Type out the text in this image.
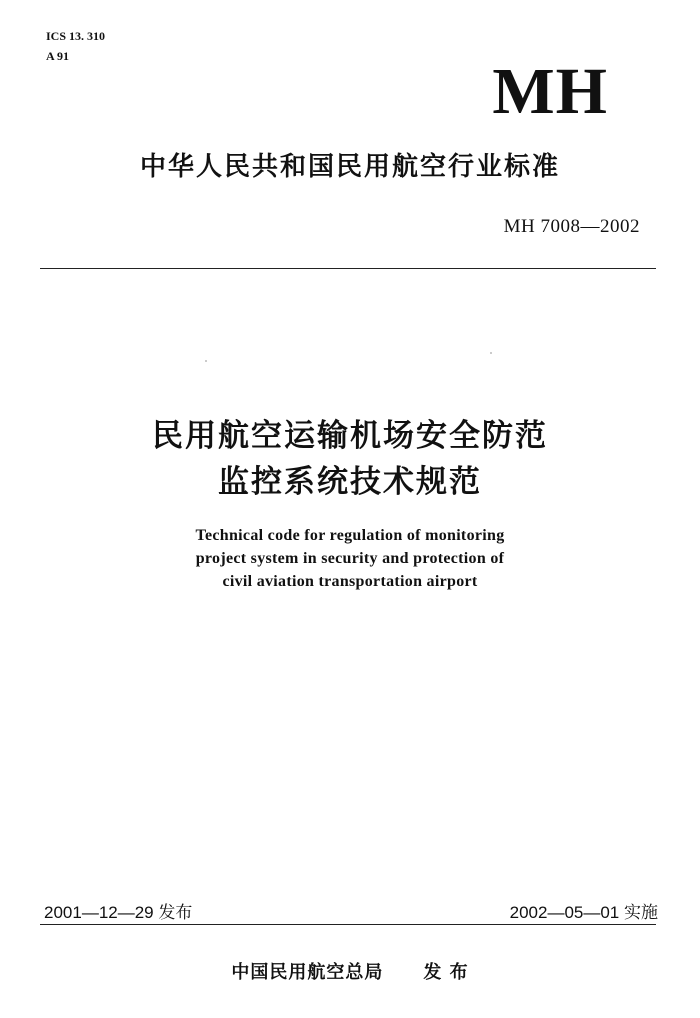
ICS 13. 310
A 91	MH
中华人民共和国民用航空行业标准
MH 7008—2002
民用航空运输机场安全防范
监控系统技术规范
Technical code for regulation of monitoring
project system in security and protection of
civil aviation transportation airport
2001—12—29 发布	2002—05—01 实施
中国民用航空总局 发 布
